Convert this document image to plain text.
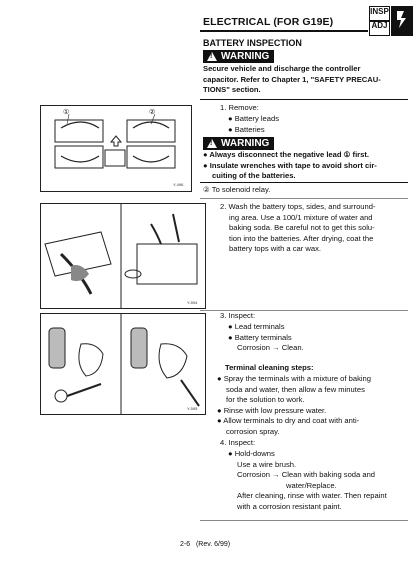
ELECTRICAL (FOR G19E)
INSP
ADJ
BATTERY INSPECTION
!
WARNING
Secure vehicle and discharge the controller
capacitor. Refer to Chapter 1, "SAFETY PRECAU-
TIONS" section.
①	②
Y-496
1. Remove:
● Battery leads
● Batteries
!
WARNING
● Always disconnect the negative lead ① first.
● Insulate wrenches with tape to avoid short cir-
cuiting of the batteries.
② To solenoid relay.
Y-594
2. Wash the battery tops, sides, and surround-
ing area. Use a 100/1 mixture of water and
baking soda. Be careful not to get this solu-
tion into the batteries. After drying, coat the
battery tops with a car wax.
Y-595
3. Inspect:
● Lead terminals
● Battery terminals
Corrosion → Clean.
Terminal cleaning steps:
● Spray the terminals with a mixture of baking
soda and water, then allow a few minutes
for the solution to work.
● Rinse with low pressure water.
● Allow terminals to dry and coat with anti-
corrosion spray.
4. Inspect:
● Hold-downs
Use a wire brush.
Corrosion → Clean with baking soda and
water/Replace.
After cleaning, rinse with water. Then repaint
with a corrosion resistant paint.
2-6 (Rev. 6/99)
